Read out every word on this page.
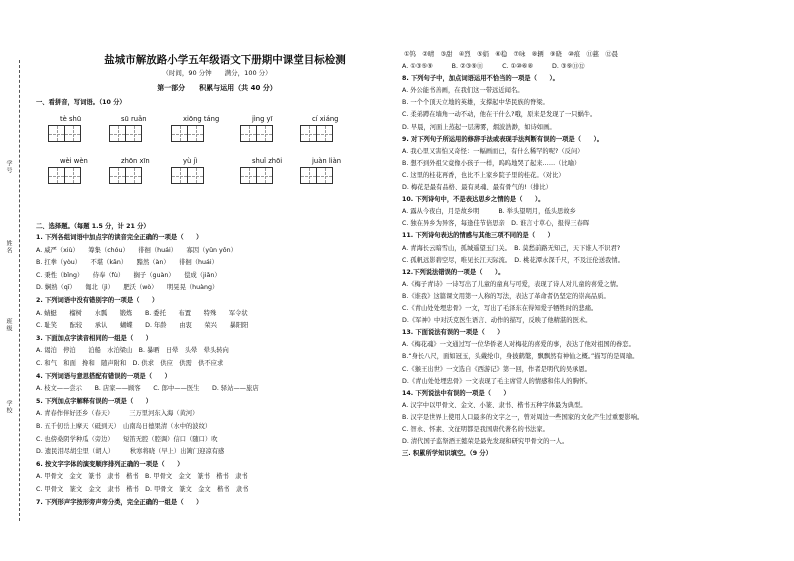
学号
姓名
班级
学校
盐城市解放路小学五年级语文下册期中课堂目标检测
（时间，90 分钟　　满分，100 分）
第一部分　　积累与运用（共 40 分）
一、看拼音，写词语。（10 分）
tè shū	sū ruǎn	xiōng táng	jìng yī	cí xiáng
wèi wèn	zhōn xīn	yù jì	shuǐ zhōi	juàn liàn
二、选择题。（每题 1.5 分，计 21 分）
1. 下列各组词语中加点字的读音完全正确的一项是（　　）
A. 威严（xiù）　　筹集（chóu）　　徘徊（huái）　　寡因（yǔn yǒn）
B. 扛拳（yòu）　　不堪（kān）　　黯然（àn）　　徘徊（huái）
C. 秉性（bǐng）　　侍奉（fù）　　搁子（guàn）　　偿成（jiǎn）
D. 娴熟（qī）　　匍北（jì）　　肥沃（wò）　　明晃晃（huàng）
2. 下列词语中没有错别字的一项是（　　）
A. 蜻蜓　　榴树　　水瓢　　锻炼　　B. 委托　　布置　　特殊　　军令状
C. 耻笑　　酝较　　承认　　蝴蝶　　D. 年龄　　由衷　　荣兴　　暴阳阳
3. 下面加点字读音相同的一组是（　　）
A. 谒泊　停泊　　泊船　水泊梁山　B. 暴晒　日晕　头晕　晕头转向
C. 和气　和面　搀和　随声附和　D. 供求　供应　供需　供不应求
4. 下列词语与意思搭配有错误的一项是（　　）
A. 枝文——尝示　　B. 店家——顾客　　C. 郎中——医生　　D. 驿站——旅店
5. 下列加点字解释有误的一项是（　　）
A. 青春作伴好还乡（春天）　　　三万里河东入海（黄河）
B. 五千仞岳上摩天（砥到天）　山南岛日德果清（水中的波纹）
C. 也傍桑阴学种瓜（旁边）　　短笛无腔（腔调）信口（随口）吹
D. 遗民泪尽胡尘里（胡人）　　　秋寒将晓（早上）出篱门迎凉有感
6. 按文字字体的演变顺序排列正确的一项是（　　）
A. 甲骨文　金文　篆书　隶书　楷书　B. 甲骨文　金文　篆书　楷书　隶书
C. 甲骨文　篆文　金文　隶书　楷书　D. 甲骨文　篆文　金文　楷书　隶书
7. 下列形声字按形旁声旁分类，完全正确的一组是（　　）
①钨　②晴　③甜　④烈　⑤娟　⑥稳　⑦咏　⑧辆　⑨晓　⑩痕　⑪慈　⑫晨
A. ①③⑤⑨　　　B. ②③⑨⑪　　　C. ①⑩⑥⑧　　　D. ③⑨⑪⑫
8. 下列句子中，加点词语运用不恰当的一项是（　　）。
A. 外公能书善画，在我们这一带远近闻名。
B. 一个个顶天立地的英雄，支撑起中华民族的脊梁。
C. 柔弟蹲在墙角一动不动，他在干什么?哦，原来是发现了一只蜗牛。
D. 早晨，河面上蒸起一层薄雾，烟波浩渺，如诗如画。
9. 对下列句子所运用的修辞手法或表现手法判断有误的一项是（　　）。
A. 我心里又害怕又奇怪：一幅画而已，有什么稀罕的呢?（反问）
B. 想不到外祖父竟像小孩子一样，呜呜地哭了起来……（比喻）
C. 这里的桂花再香，也比不上家乡院子里的桂花。（对比）
D. 梅花是最有品格、最有灵魂、最有骨气的!（排比）
10. 下列诗句中，不是表达思乡之情的是（　　）。
A. 露从今夜白，月是故乡明　　　B. 举头望明月，低头思故乡
C. 独在异乡为异客，每逢佳节倍思亲　D. 谁言寸草心，报得三春晖
11. 下列诗句表达的情感与其他三项不同的是（　　）
A. 青海长云暗雪山，孤城遥望玉门关。　B. 莫愁前路无知己，天下谁人不识君?
C. 孤帆远影碧空尽，唯见长江天际流。　D. 桃花潭水深千尺，不及汪伦送我情。
12.下列说法错误的一项是（　　）。
A.《梅子青诗》一诗写出了儿童的童真与可爱，表现了诗人对儿童的喜爱之情。
B.《谁我》这篇课文用第一人称的写法，表达了革命者仍坚定的崇高品质。
C.《青山处处埋忠骨》一文，写出了毛泽东在得知爱子牺牲时的悲痛。
D.《军神》中对沃克医生语言、动作的描写，反映了他精湛的医术。
13. 下面说法有误的一项是（　　）
A.《梅花魂》一文通过写一位华侨老人对梅花的喜爱的事，表达了他对祖国的眷恋。
B.“身长八尺，面如冠玉，头戴纶巾，身披鹤氅，飘飘然有神仙之概。”描写的是周瑜。
C.《猴王出世》一文选自《西游记》第一回，作者是明代的吴承恩。
D.《青山处处埋忠骨》一文表现了毛主席常人的情感和伟人的胸怀。
14. 下列说法中有误的一项是（　　）
A. 汉字中以甲骨文、金文、小篆、隶书、楷书五种字体最为典型。
B. 汉字是世界上使用人口最多的文字之一，曾对周边一些国家的文化产生过重要影响。
C. 智永、怀素、文征明都是我国唐代著名的书法家。
D. 清代国子监祭酒王懿荣是最先发现和研究甲骨文的一人。
三. 积累所学知识填空。（9 分）
